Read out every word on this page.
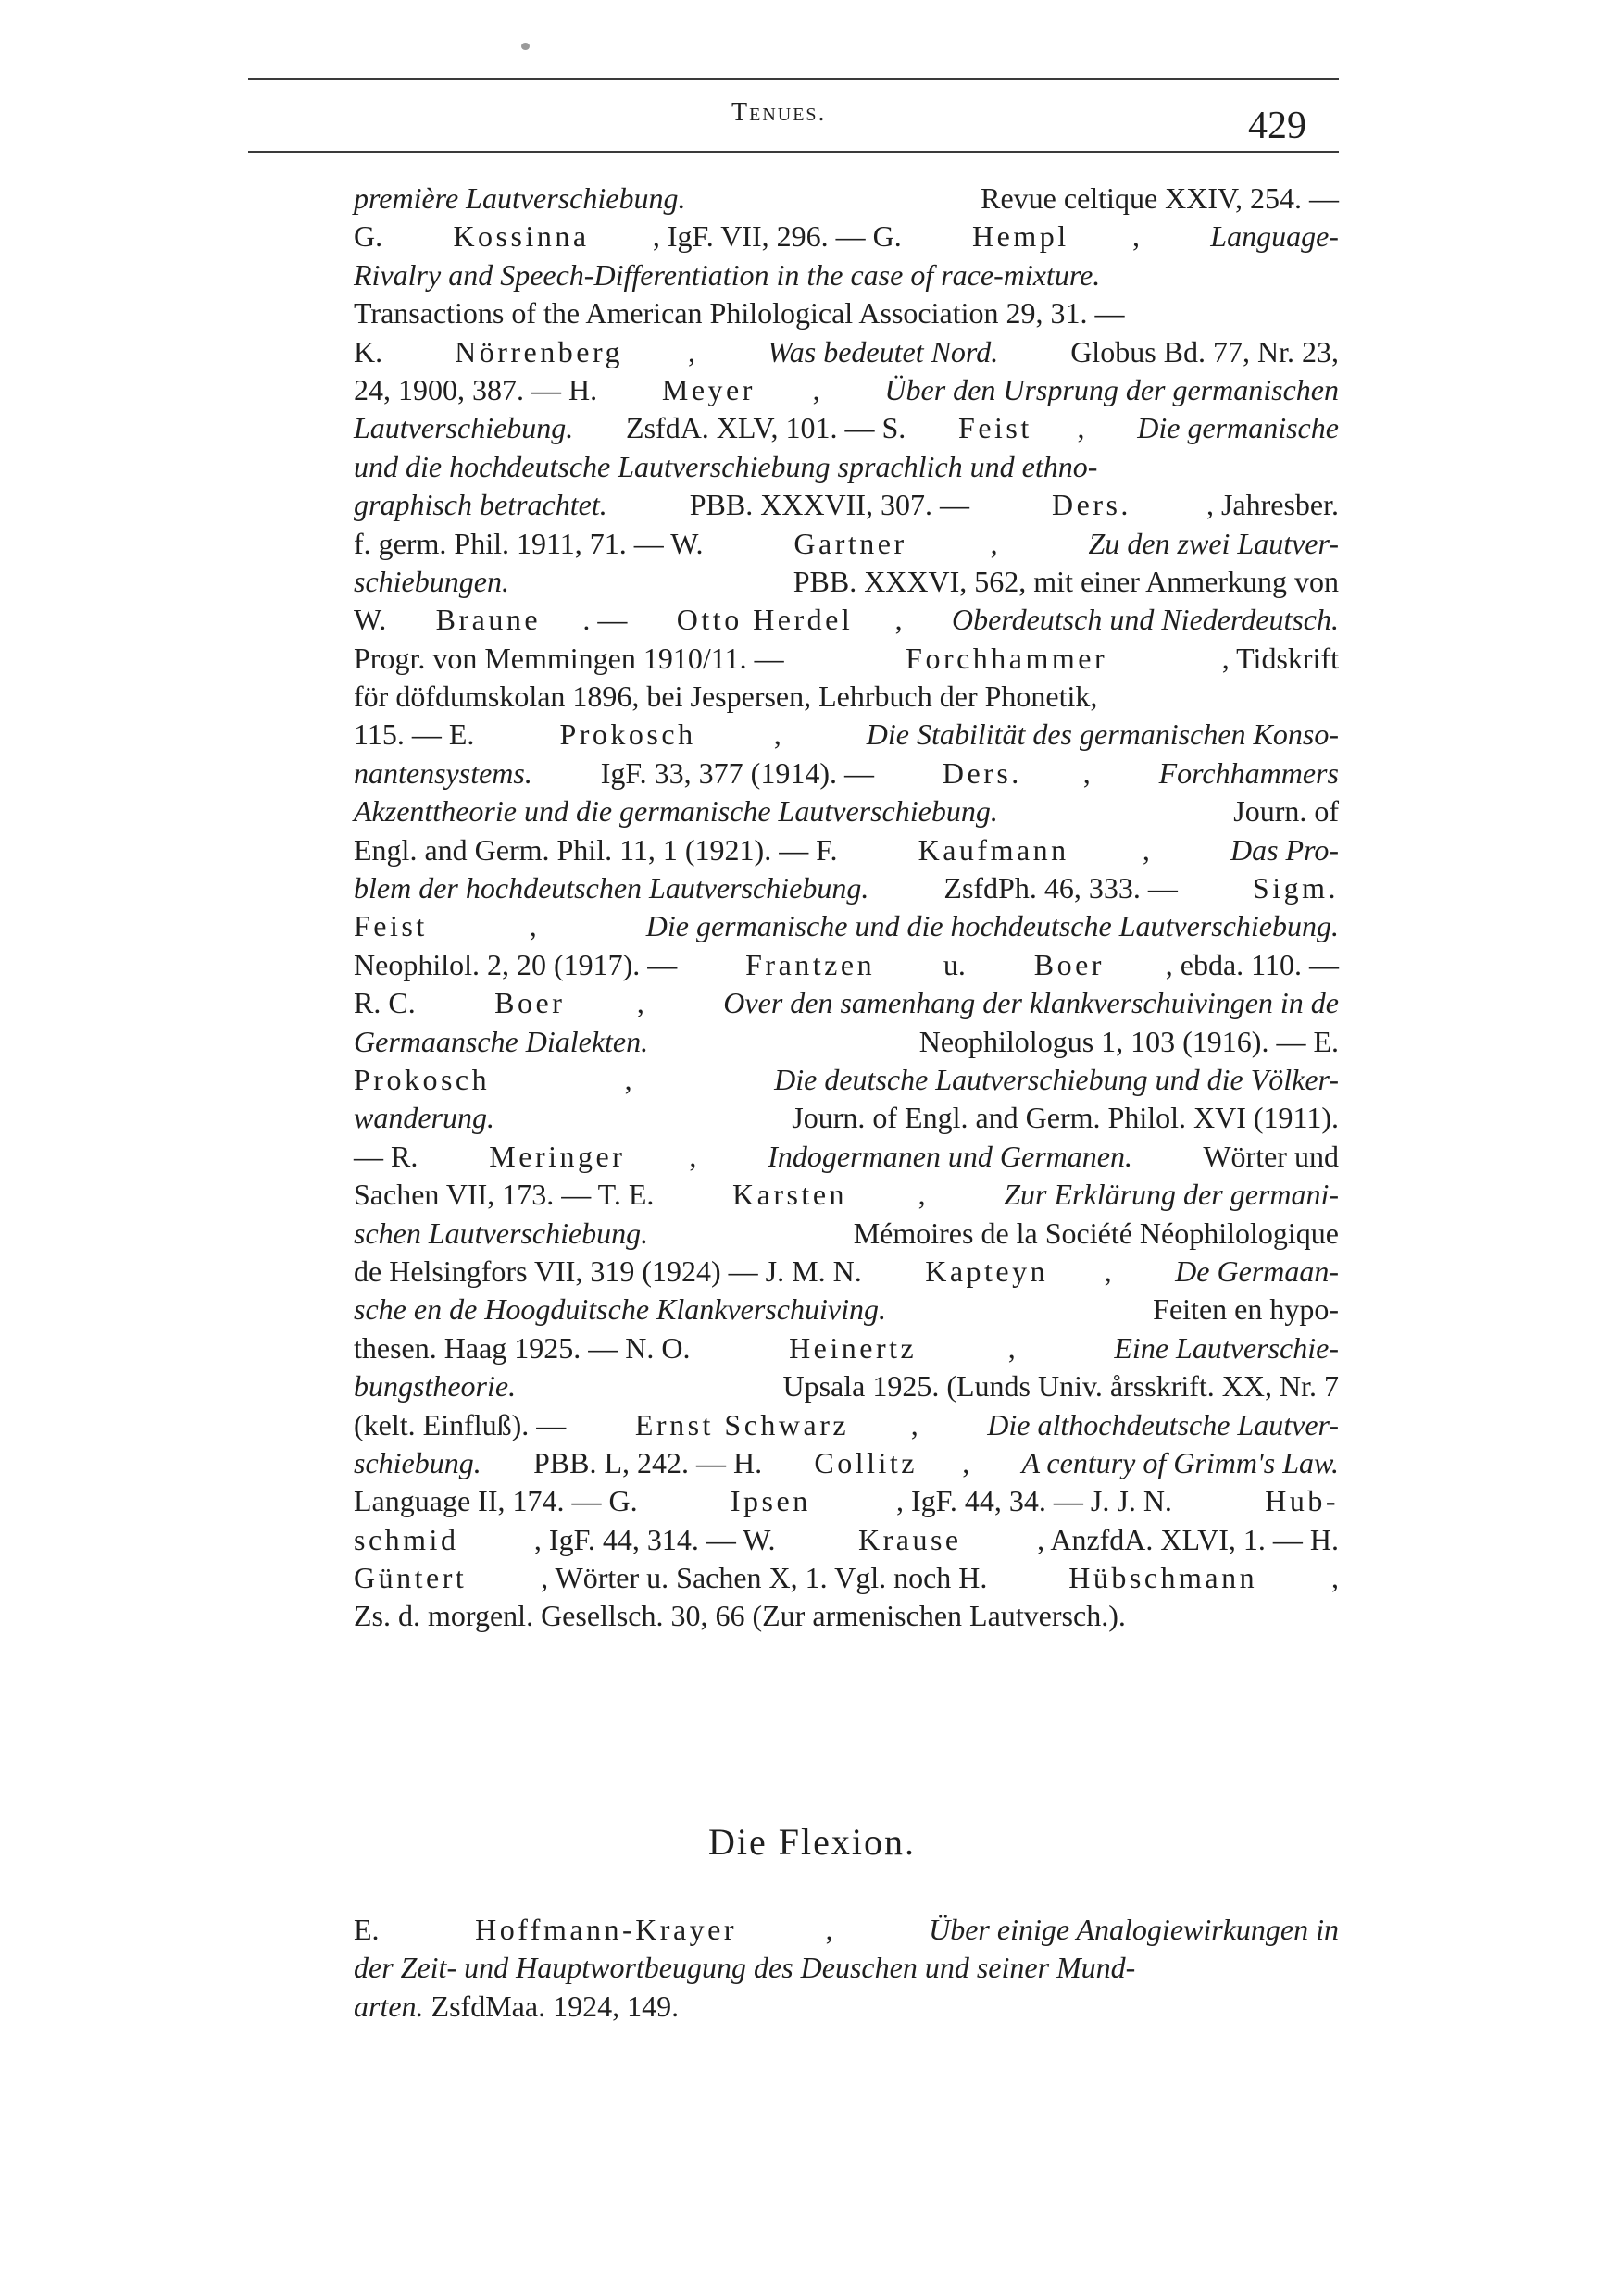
Tenues.	429
première Lautverschiebung.	Revue celtique XXIV, 254. —
G. Kossinna , IgF. VII, 296. — G. Hempl , Language-
Rivalry and Speech-Differentiation in the case of race-mixture.
Transactions of the American Philological Association 29, 31. —
K. Nörrenberg , Was bedeutet Nord. Globus Bd. 77, Nr. 23,
24, 1900, 387. — H. Meyer , Über den Ursprung der germanischen
Lautverschiebung. ZsfdA. XLV, 101. — S. Feist , Die germanische
und die hochdeutsche Lautverschiebung sprachlich und ethno-
graphisch betrachtet.	PBB. XXXVII, 307. —	Ders.	, Jahresber.
f. germ. Phil. 1911, 71. — W.	Gartner	,	Zu den zwei Lautver-
schiebungen.	PBB. XXXVI, 562, mit einer Anmerkung von
W. Braune . — Otto Herdel , Oberdeutsch und Niederdeutsch.
Progr. von Memmingen 1910/11. —	Forchhammer	, Tidskrift
för döfdumskolan 1896, bei Jespersen, Lehrbuch der Phonetik,
115. — E.	Prokosch	,	Die Stabilität des germanischen Konso-
nantensystems. IgF. 33, 377 (1914). — Ders. , Forchhammers
Akzenttheorie und die germanische Lautverschiebung.	Journ. of
Engl. and Germ. Phil. 11, 1 (1921). — F. Kaufmann , Das Pro-
blem der hochdeutschen Lautverschiebung. ZsfdPh. 46, 333. — Sigm.
Feist	,	Die germanische und die hochdeutsche Lautverschiebung.
Neophilol. 2, 20 (1917). — Frantzen u. Boer , ebda. 110. —
R. C. Boer , Over den samenhang der klankverschuivingen in de
Germaansche Dialekten.	Neophilologus 1, 103 (1916). — E.
Prokosch	,	Die deutsche Lautverschiebung und die Völker-
wanderung.	Journ. of Engl. and Germ. Philol. XVI (1911).
— R. Meringer , Indogermanen und Germanen. Wörter und
Sachen VII, 173. — T. E. Karsten , Zur Erklärung der germani-
schen Lautverschiebung.	Mémoires de la Société Néophilologique
de Helsingfors VII, 319 (1924) — J. M. N. Kapteyn , De Germaan-
sche en de Hoogduitsche Klankverschuiving.	Feiten en hypo-
thesen. Haag 1925. — N. O.	Heinertz	,	Eine Lautverschie-
bungstheorie.	Upsala 1925. (Lunds Univ. årsskrift. XX, Nr. 7
(kelt. Einfluß). — Ernst Schwarz , Die althochdeutsche Lautver-
schiebung. PBB. L, 242. — H. Collitz , A century of Grimm's Law.
Language II, 174. — G.	Ipsen	, IgF. 44, 34. — J. J. N.	Hub-
schmid	, IgF. 44, 314. — W.	Krause	, AnzfdA. XLVI, 1. — H.
Güntert , Wörter u. Sachen X, 1. Vgl. noch H. Hübschmann ,
Zs. d. morgenl. Gesellsch. 30, 66 (Zur armenischen Lautversch.).
Die Flexion.
E.	Hoffmann-Krayer	,	Über einige Analogiewirkungen in
der Zeit- und Hauptwortbeugung des Deuschen und seiner Mund-
arten. ZsfdMaa. 1924, 149.
